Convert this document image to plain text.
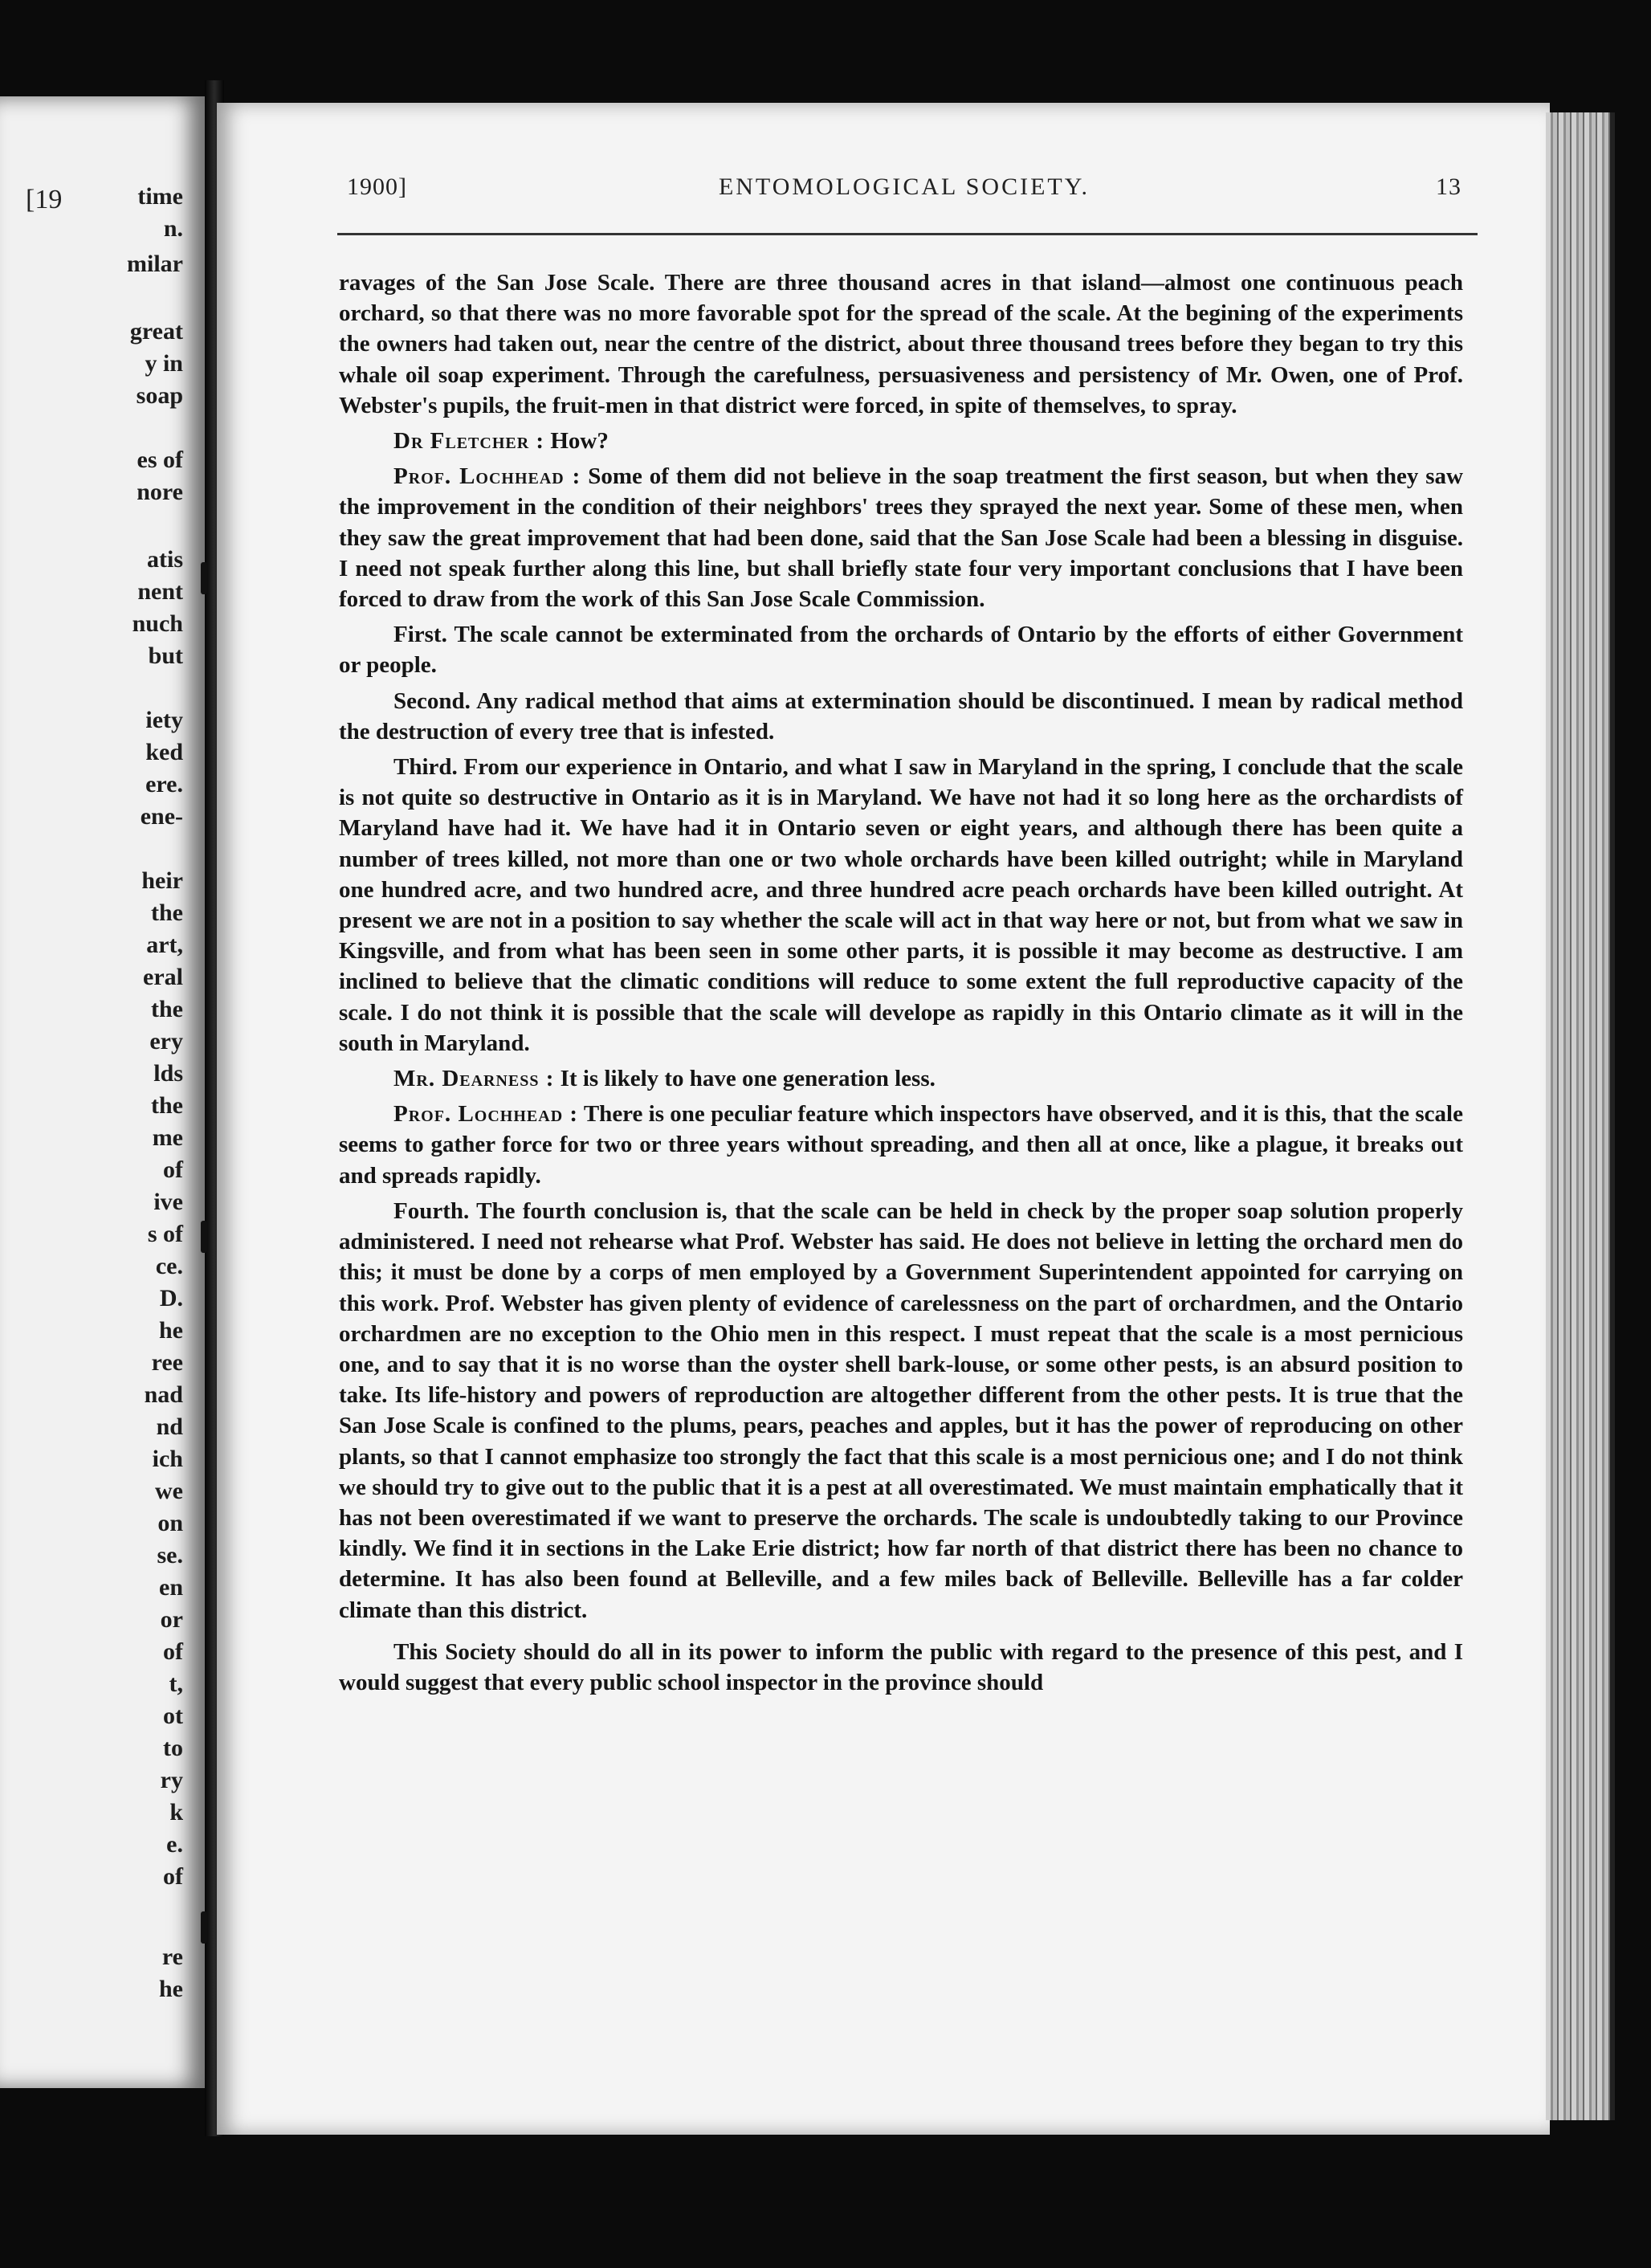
[19	time
n.
milar
great
y in
soap
es of
nore
atis
nent
nuch
but
iety
ked
ere.
ene-
heir
the
art,
eral
the
ery
lds
the
me
of
ive
s of
ce.
D.
he
ree
nad
nd
ich
we
on
se.
en
or
of
t,
ot
to
ry
k
e.
of
re
he
1900]	ENTOMOLOGICAL SOCIETY.	13

ravages of the San Jose Scale. There are three thousand acres in that island—almost one continuous peach orchard, so that there was no more favorable spot for the spread of the scale. At the begining of the experiments the owners had taken out, near the centre of the district, about three thousand trees before they began to try this whale oil soap experiment. Through the carefulness, persuasiveness and persistency of Mr. Owen, one of Prof. Webster's pupils, the fruit-men in that district were forced, in spite of themselves, to spray.

Dr Fletcher : How?

Prof. Lochhead : Some of them did not believe in the soap treatment the first season, but when they saw the improvement in the condition of their neighbors' trees they sprayed the next year. Some of these men, when they saw the great improvement that had been done, said that the San Jose Scale had been a blessing in disguise. I need not speak further along this line, but shall briefly state four very important conclusions that I have been forced to draw from the work of this San Jose Scale Commission.

First. The scale cannot be exterminated from the orchards of Ontario by the efforts of either Government or people.

Second. Any radical method that aims at extermination should be discontinued. I mean by radical method the destruction of every tree that is infested.

Third. From our experience in Ontario, and what I saw in Maryland in the spring, I conclude that the scale is not quite so destructive in Ontario as it is in Maryland. We have not had it so long here as the orchardists of Maryland have had it. We have had it in Ontario seven or eight years, and although there has been quite a number of trees killed, not more than one or two whole orchards have been killed outright; while in Maryland one hundred acre, and two hundred acre, and three hundred acre peach orchards have been killed outright. At present we are not in a position to say whether the scale will act in that way here or not, but from what we saw in Kingsville, and from what has been seen in some other parts, it is possible it may become as destructive. I am inclined to believe that the climatic conditions will reduce to some extent the full reproductive capacity of the scale. I do not think it is possible that the scale will develope as rapidly in this Ontario climate as it will in the south in Maryland.

Mr. Dearness : It is likely to have one generation less.

Prof. Lochhead : There is one peculiar feature which inspectors have observed, and it is this, that the scale seems to gather force for two or three years without spreading, and then all at once, like a plague, it breaks out and spreads rapidly.

Fourth. The fourth conclusion is, that the scale can be held in check by the proper soap solution properly administered. I need not rehearse what Prof. Webster has said. He does not believe in letting the orchard men do this; it must be done by a corps of men employed by a Government Superintendent appointed for carrying on this work. Prof. Webster has given plenty of evidence of carelessness on the part of orchardmen, and the Ontario orchardmen are no exception to the Ohio men in this respect. I must repeat that the scale is a most pernicious one, and to say that it is no worse than the oyster shell bark-louse, or some other pests, is an absurd position to take. Its life-history and powers of reproduction are altogether different from the other pests. It is true that the San Jose Scale is confined to the plums, pears, peaches and apples, but it has the power of reproducing on other plants, so that I cannot emphasize too strongly the fact that this scale is a most pernicious one; and I do not think we should try to give out to the public that it is a pest at all overestimated. We must maintain emphatically that it has not been overestimated if we want to preserve the orchards. The scale is undoubtedly taking to our Province kindly. We find it in sections in the Lake Erie district; how far north of that district there has been no chance to determine. It has also been found at Belleville, and a few miles back of Belleville. Belleville has a far colder climate than this district.

This Society should do all in its power to inform the public with regard to the presence of this pest, and I would suggest that every public school inspector in the province should
